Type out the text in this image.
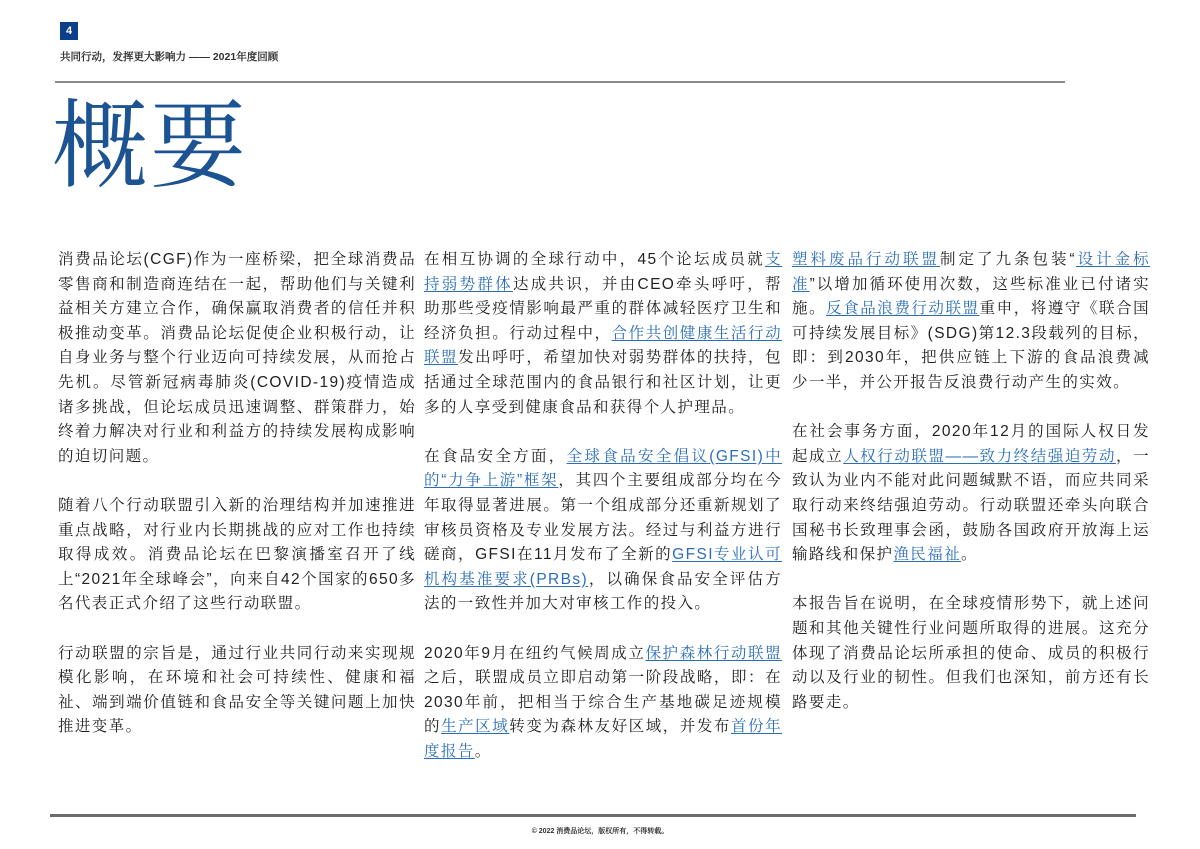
4
共同行动，发挥更大影响力 —— 2021年度回顾
概要

消费品论坛(CGF)作为一座桥梁，把全球消费品零售商和制造商连结在一起，帮助他们与关键利益相关方建立合作，确保赢取消费者的信任并积极推动变革。消费品论坛促使企业积极行动，让自身业务与整个行业迈向可持续发展，从而抢占先机。尽管新冠病毒肺炎(COVID-19)疫情造成诸多挑战，但论坛成员迅速调整、群策群力，始终着力解决对行业和利益方的持续发展构成影响的迫切问题。

随着八个行动联盟引入新的治理结构并加速推进重点战略，对行业内长期挑战的应对工作也持续取得成效。消费品论坛在巴黎演播室召开了线上“2021年全球峰会”，向来自42个国家的650多名代表正式介绍了这些行动联盟。

行动联盟的宗旨是，通过行业共同行动来实现规模化影响，在环境和社会可持续性、健康和福祉、端到端价值链和食品安全等关键问题上加快推进变革。

在相互协调的全球行动中，45个论坛成员就支持弱势群体达成共识，并由CEO牵头呼吁，帮助那些受疫情影响最严重的群体减轻医疗卫生和经济负担。行动过程中，合作共创健康生活行动联盟发出呼吁，希望加快对弱势群体的扶持，包括通过全球范围内的食品银行和社区计划，让更多的人享受到健康食品和获得个人护理品。

在食品安全方面，全球食品安全倡议(GFSI)中的“力争上游”框架，其四个主要组成部分均在今年取得显著进展。第一个组成部分还重新规划了审核员资格及专业发展方法。经过与利益方进行磋商，GFSI在11月发布了全新的GFSI专业认可机构基准要求(PRBs)，以确保食品安全评估方法的一致性并加大对审核工作的投入。

2020年9月在纽约气候周成立保护森林行动联盟之后，联盟成员立即启动第一阶段战略，即：在2030年前，把相当于综合生产基地碳足迹规模的生产区域转变为森林友好区域，并发布首份年度报告。

塑料废品行动联盟制定了九条包装“设计金标准”以增加循环使用次数，这些标准业已付诸实施。反食品浪费行动联盟重申，将遵守《联合国可持续发展目标》(SDG)第12.3段载列的目标，即：到2030年，把供应链上下游的食品浪费减少一半，并公开报告反浪费行动产生的实效。

在社会事务方面，2020年12月的国际人权日发起成立人权行动联盟——致力终结强迫劳动，一致认为业内不能对此问题缄默不语，而应共同采取行动来终结强迫劳动。行动联盟还牵头向联合国秘书长致理事会函，鼓励各国政府开放海上运输路线和保护渔民福祉。

本报告旨在说明，在全球疫情形势下，就上述问题和其他关键性行业问题所取得的进展。这充分体现了消费品论坛所承担的使命、成员的积极行动以及行业的韧性。但我们也深知，前方还有长路要走。

© 2022 消费品论坛，版权所有，不得转载。
